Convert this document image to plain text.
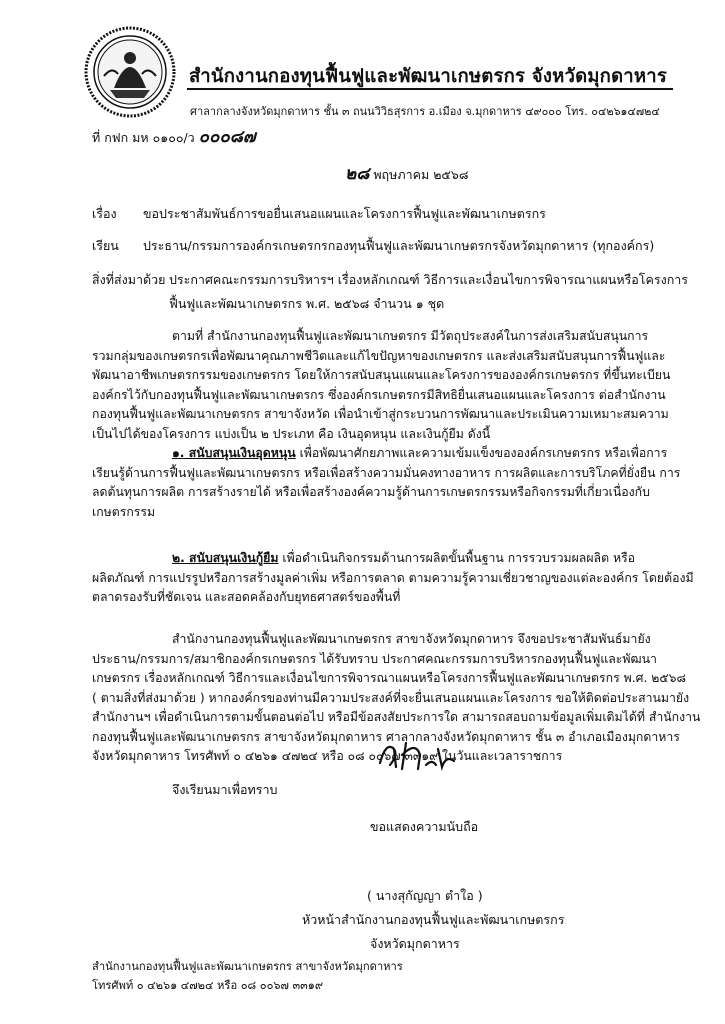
สำนักงานกองทุนฟื้นฟูและพัฒนาเกษตรกร จังหวัดมุกดาหาร
ศาลากลางจังหวัดมุกดาหาร ชั้น ๓ ถนนวิวิธสุรการ อ.เมือง จ.มุกดาหาร ๔๙๐๐๐ โทร. ๐๔๒๖๑๔๗๒๔
ที่ กฟก มห ๐๑๐๐/ว ๐๐๐๘๗
๒๘ พฤษภาคม ๒๕๖๘
เรื่อง ขอประชาสัมพันธ์การขอยื่นเสนอแผนและโครงการฟื้นฟูและพัฒนาเกษตรกร
เรียน ประธาน/กรรมการองค์กรเกษตรกรกองทุนฟื้นฟูและพัฒนาเกษตรกรจังหวัดมุกดาหาร (ทุกองค์กร)
สิ่งที่ส่งมาด้วย ประกาศคณะกรรมการบริหารฯ เรื่องหลักเกณฑ์ วิธีการและเงื่อนไขการพิจารณาแผนหรือโครงการ
ฟื้นฟูและพัฒนาเกษตรกร พ.ศ. ๒๕๖๘ จำนวน ๑ ชุด
ตามที่ สำนักงานกองทุนฟื้นฟูและพัฒนาเกษตรกร มีวัตถุประสงค์ในการส่งเสริมสนับสนุนการ
รวมกลุ่มของเกษตรกรเพื่อพัฒนาคุณภาพชีวิตและแก้ไขปัญหาของเกษตรกร และส่งเสริมสนับสนุนการฟื้นฟูและ
พัฒนาอาชีพเกษตรกรรมของเกษตรกร โดยให้การสนับสนุนแผนและโครงการขององค์กรเกษตรกร ที่ขึ้นทะเบียน
องค์กรไว้กับกองทุนฟื้นฟูและพัฒนาเกษตรกร ซึ่งองค์กรเกษตรกรมีสิทธิยื่นเสนอแผนและโครงการ ต่อสำนักงาน
กองทุนฟื้นฟูและพัฒนาเกษตรกร สาขาจังหวัด เพื่อนำเข้าสู่กระบวนการพัฒนาและประเมินความเหมาะสมความ
เป็นไปได้ของโครงการ แบ่งเป็น ๒ ประเภท คือ เงินอุดหนุน และเงินกู้ยืม ดังนี้
๑. สนับสนุนเงินอุดหนุน เพื่อพัฒนาศักยภาพและความเข้มแข็งขององค์กรเกษตรกร หรือเพื่อการ
เรียนรู้ด้านการฟื้นฟูและพัฒนาเกษตรกร หรือเพื่อสร้างความมั่นคงทางอาหาร การผลิตและการบริโภคที่ยั่งยืน การ
ลดต้นทุนการผลิต การสร้างรายได้ หรือเพื่อสร้างองค์ความรู้ด้านการเกษตรกรรมหรือกิจกรรมที่เกี่ยวเนื่องกับ
เกษตรกรรม
๒. สนับสนุนเงินกู้ยืม เพื่อดำเนินกิจกรรมด้านการผลิตขั้นพื้นฐาน การรวบรวมผลผลิต หรือ
ผลิตภัณฑ์ การแปรรูปหรือการสร้างมูลค่าเพิ่ม หรือการตลาด ตามความรู้ความเชี่ยวชาญของแต่ละองค์กร โดยต้องมี
ตลาดรองรับที่ชัดเจน และสอดคล้องกับยุทธศาสตร์ของพื้นที่
สำนักงานกองทุนฟื้นฟูและพัฒนาเกษตรกร สาขาจังหวัดมุกดาหาร จึงขอประชาสัมพันธ์มายัง
ประธาน/กรรมการ/สมาชิกองค์กรเกษตรกร ได้รับทราบ ประกาศคณะกรรมการบริหารกองทุนฟื้นฟูและพัฒนา
เกษตรกร เรื่องหลักเกณฑ์ วิธีการและเงื่อนไขการพิจารณาแผนหรือโครงการฟื้นฟูและพัฒนาเกษตรกร พ.ศ. ๒๕๖๘
( ตามสิ่งที่ส่งมาด้วย ) หากองค์กรของท่านมีความประสงค์ที่จะยื่นเสนอแผนและโครงการ ขอให้ติดต่อประสานมายัง
สำนักงานฯ เพื่อดำเนินการตามขั้นตอนต่อไป หรือมีข้อสงสัยประการใด สามารถสอบถามข้อมูลเพิ่มเติมได้ที่ สำนักงาน
กองทุนฟื้นฟูและพัฒนาเกษตรกร สาขาจังหวัดมุกดาหาร ศาลากลางจังหวัดมุกดาหาร ชั้น ๓ อำเภอเมืองมุกดาหาร
จังหวัดมุกดาหาร โทรศัพท์ ๐ ๔๒๖๑ ๔๗๒๔ หรือ ๐๘ ๐๐๖๗ ๓๓๑๙ ในวันและเวลาราชการ
จึงเรียนมาเพื่อทราบ
ขอแสดงความนับถือ
( นางสุกัญญา ตำใอ )
หัวหน้าสำนักงานกองทุนฟื้นฟูและพัฒนาเกษตรกร
จังหวัดมุกดาหาร
สำนักงานกองทุนฟื้นฟูและพัฒนาเกษตรกร สาขาจังหวัดมุกดาหาร
โทรศัพท์ ๐ ๔๒๖๑ ๔๗๒๔ หรือ ๐๘ ๐๐๖๗ ๓๓๑๙
